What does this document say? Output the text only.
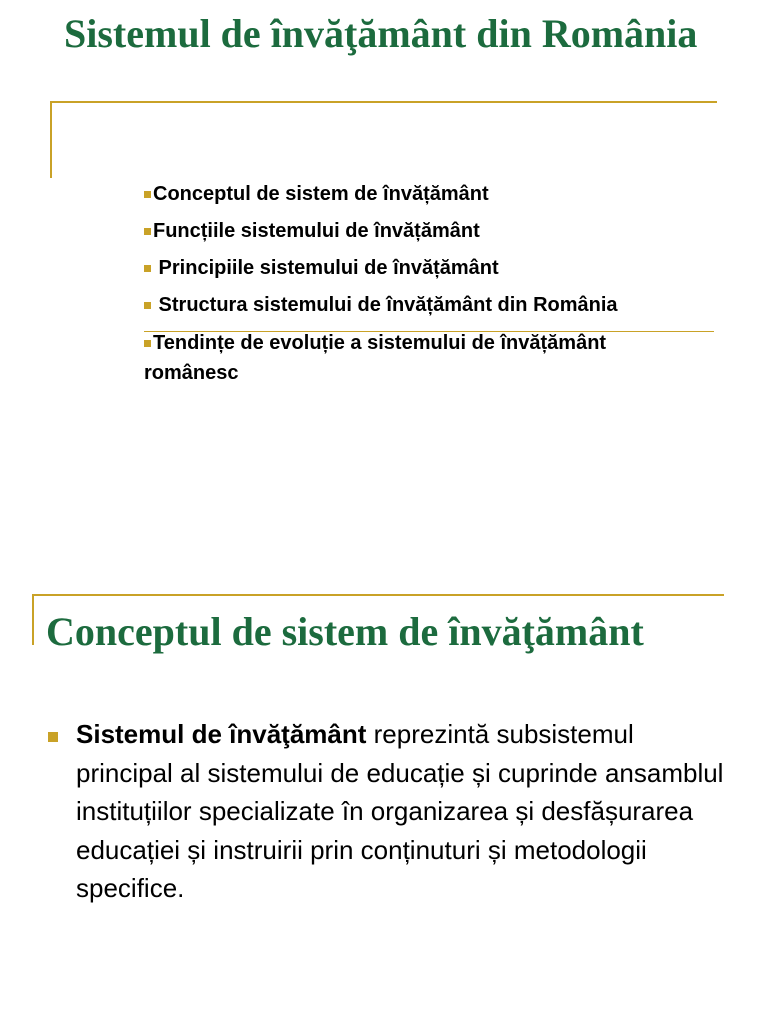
Sistemul de învăţământ din România
Conceptul de sistem de învățământ
Funcțiile sistemului de învățământ
Principiile sistemului de învățământ
Structura sistemului de învățământ din România
Tendințe de evoluție a sistemului de învățământ românesc
Conceptul de sistem de învăţământ

Sistemul de învăţământ reprezintă subsistemul principal al sistemului de educație și cuprinde ansamblul instituțiilor specializate în organizarea și desfășurarea educației și instruirii prin conținuturi și metodologii specifice.
